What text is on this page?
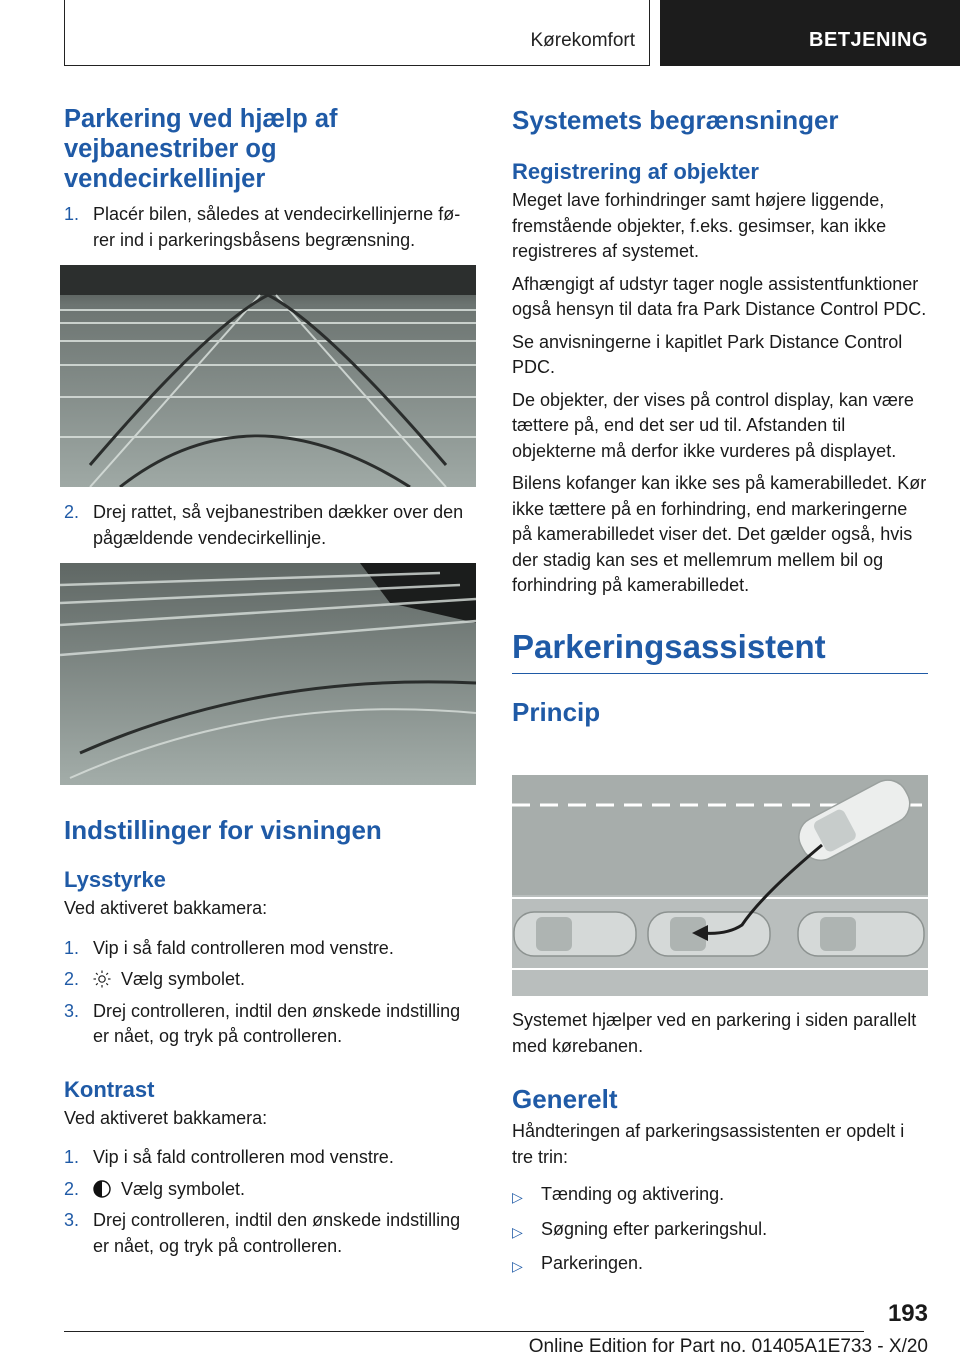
Kørekomfort	BETJENING
Parkering ved hjælp af vejbanestriber og vendecirkellinjer
1. Placér bilen, således at vendecirkellinjerne fører ind i parkeringsbåsens begrænsning.
2. Drej rattet, så vejbanestriben dækker over den pågældende vendecirkellinje.
Indstillinger for visningen
Lysstyrke

Ved aktiveret bakkamera:

1. Vip i så fald controlleren mod venstre.
2.	Vælg symbolet.
3. Drej controlleren, indtil den ønskede indstilling er nået, og tryk på controlleren.
Kontrast

Ved aktiveret bakkamera:

1. Vip i så fald controlleren mod venstre.
2.	Vælg symbolet.
3. Drej controlleren, indtil den ønskede indstilling er nået, og tryk på controlleren.
Systemets begrænsninger
Registrering af objekter

Meget lave forhindringer samt højere liggende, fremstående objekter, f.eks. gesimser, kan ikke registreres af systemet.

Afhængigt af udstyr tager nogle assistentfunktioner også hensyn til data fra Park Distance Control PDC.

Se anvisningerne i kapitlet Park Distance Control PDC.

De objekter, der vises på control display, kan være tættere på, end det ser ud til. Afstanden til objekterne må derfor ikke vurderes på displayet.

Bilens kofanger kan ikke ses på kamerabilledet. Kør ikke tættere på en forhindring, end markeringerne på kamerabilledet viser det. Det gælder også, hvis der stadig kan ses et mellemrum mellem bil og forhindring på kamerabilledet.

Parkeringsassistent
Princip

Systemet hjælper ved en parkering i siden parallelt med kørebanen.

Generelt

Håndteringen af parkeringsassistenten er opdelt i tre trin:

▷	Tænding og aktivering.
▷	Søgning efter parkeringshul.
▷	Parkeringen.
193
Online Edition for Part no. 01405A1E733 - X/20
